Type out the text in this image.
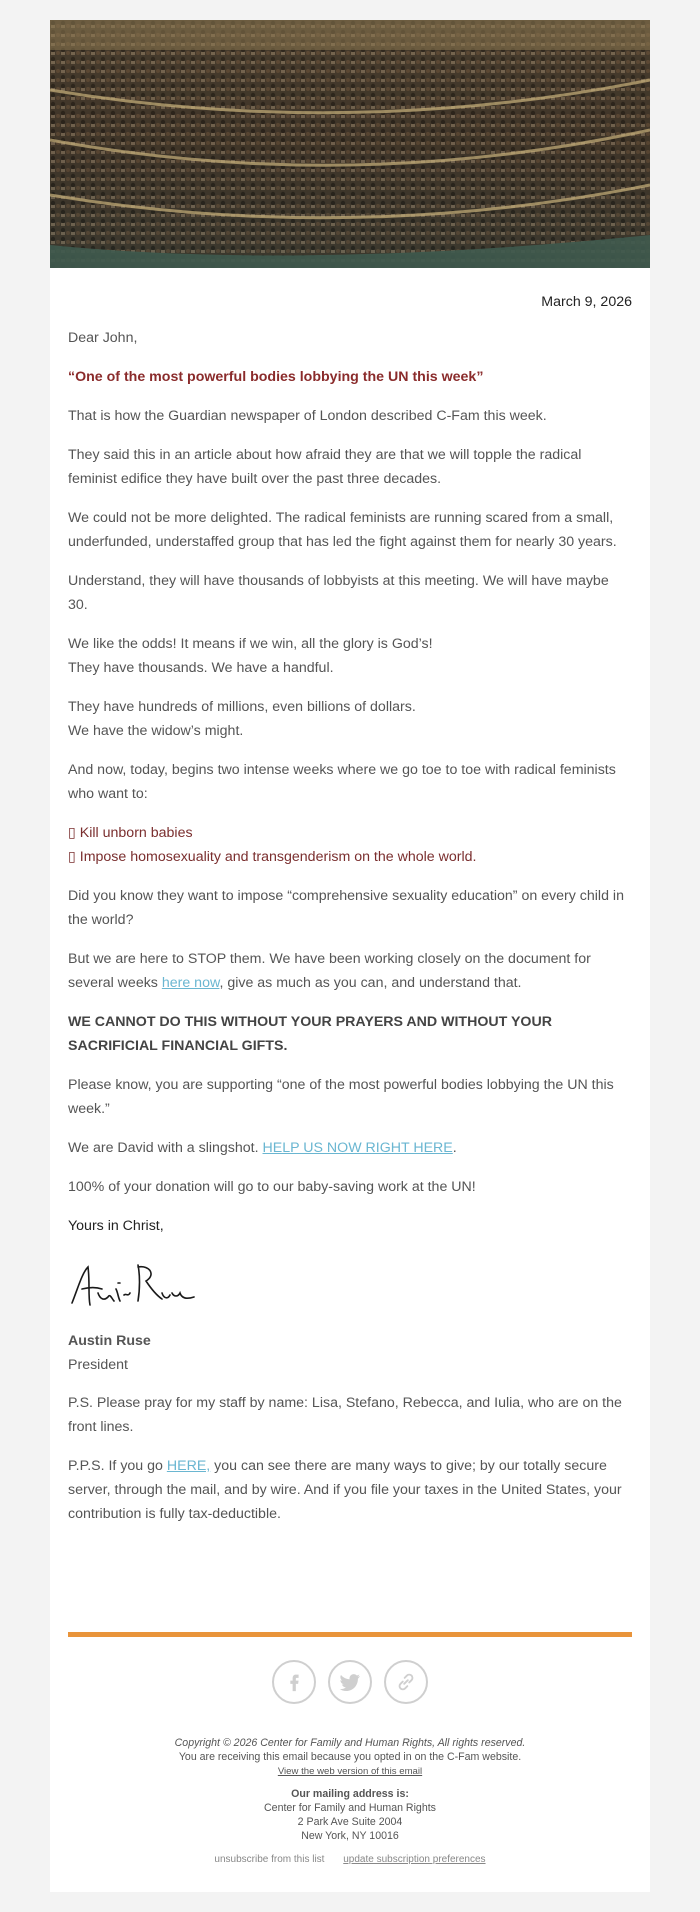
March 9, 2026

Dear John,

“One of the most powerful bodies lobbying the UN this week”

That is how the Guardian newspaper of London described C-Fam this week.

They said this in an article about how afraid they are that we will topple the radical feminist edifice they have built over the past three decades.

We could not be more delighted. The radical feminists are running scared from a small, underfunded, understaffed group that has led the fight against them for nearly 30 years.

Understand, they will have thousands of lobbyists at this meeting. We will have maybe 30.

We like the odds! It means if we win, all the glory is God’s!
They have thousands. We have a handful.

They have hundreds of millions, even billions of dollars.
We have the widow’s might.

And now, today, begins two intense weeks where we go toe to toe with radical feminists who want to:

▯ Kill unborn babies
▯ Impose homosexuality and transgenderism on the whole world.

Did you know they want to impose “comprehensive sexuality education” on every child in the world?

But we are here to STOP them. We have been working closely on the document for several weeks here now, give as much as you can, and understand that.

WE CANNOT DO THIS WITHOUT YOUR PRAYERS AND WITHOUT YOUR SACRIFICIAL FINANCIAL GIFTS.

Please know, you are supporting “one of the most powerful bodies lobbying the UN this week.”

We are David with a slingshot. HELP US NOW RIGHT HERE.

100% of your donation will go to our baby-saving work at the UN!

Yours in Christ,

Austin Ruse
President

P.S. Please pray for my staff by name: Lisa, Stefano, Rebecca, and Iulia, who are on the front lines.

P.P.S. If you go HERE, you can see there are many ways to give; by our totally secure server, through the mail, and by wire. And if you file your taxes in the United States, your contribution is fully tax-deductible.

Copyright © 2026 Center for Family and Human Rights, All rights reserved.
You are receiving this email because you opted in on the C-Fam website.
View the web version of this email
Our mailing address is:
Center for Family and Human Rights
2 Park Ave Suite 2004
New York, NY 10016
unsubscribe from this list update subscription preferences
